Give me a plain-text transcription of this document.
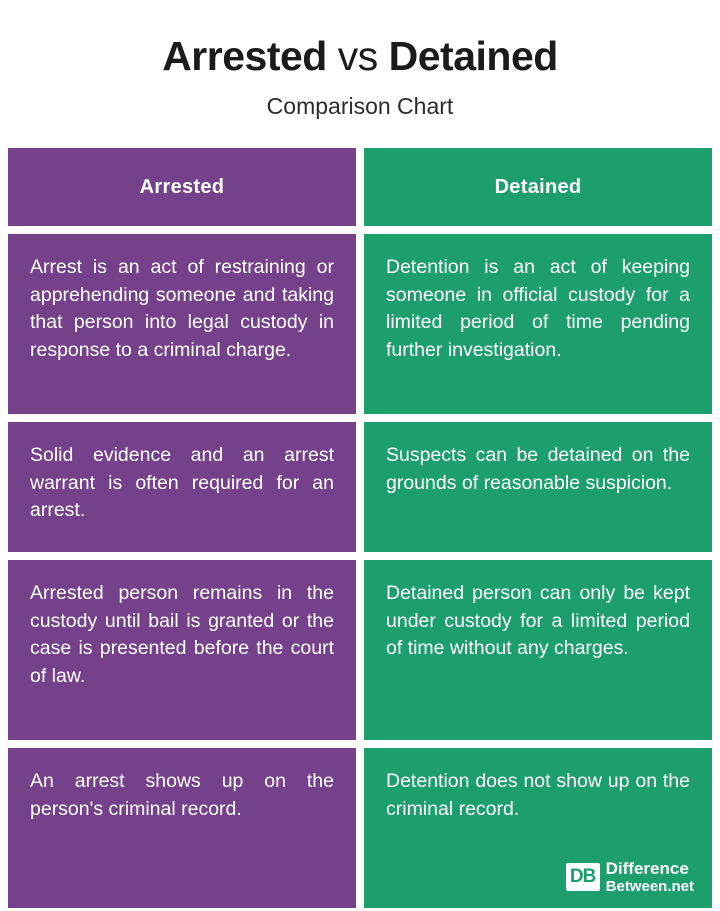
Arrested vs Detained
Comparison Chart
Arrested
Arrest is an act of restraining or apprehending someone and taking that person into legal custody in response to a criminal charge.
Solid evidence and an arrest warrant is often required for an arrest.
Arrested person remains in the custody until bail is granted or the case is presented before the court of law.
An arrest shows up on the person's criminal record.
Detained
Detention is an act of keeping someone in official custody for a limited period of time pending further investigation.
Suspects can be detained on the grounds of reasonable suspicion.
Detained person can only be kept under custody for a limited period of time without any charges.
Detention does not show up on the criminal record.
DB Difference
Between.net
